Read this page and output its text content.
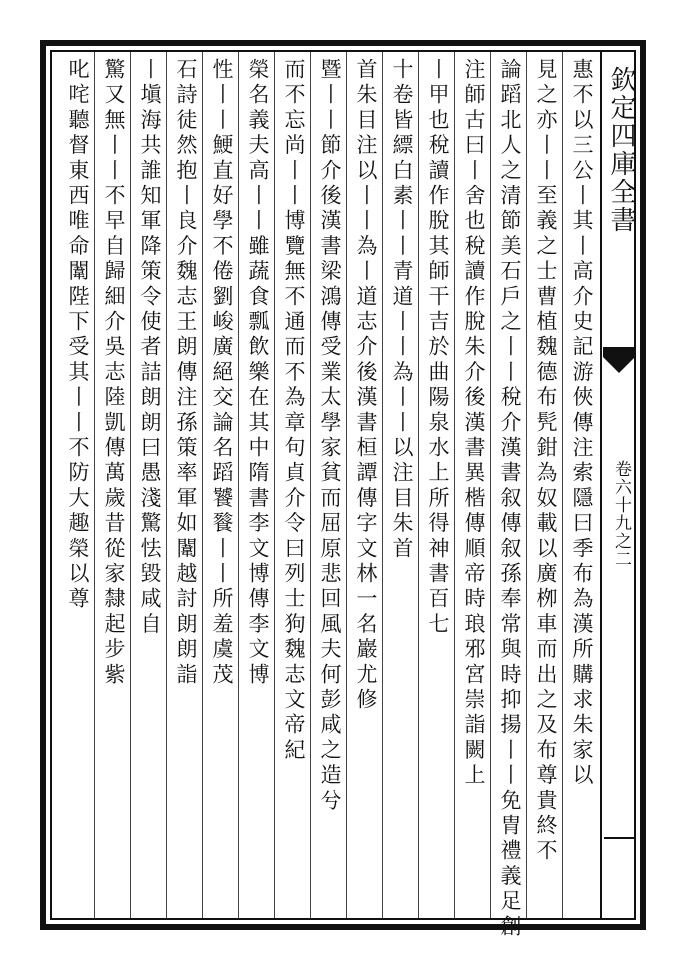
欽定四庫全書
卷六十九之二
惠不以三公丨其丨高介史記游俠傳注索隱曰季布為漢所購求朱家以
見之亦丨丨至義之士曹植魏德布髠鉗為奴載以廣栁車而出之及布尊貴終不
論蹈北人之清節美石戶之丨丨稅介漢書叙傳叙孫奉常與時抑揚丨丨免胄禮義足創
注師古曰丨舍也稅讀作脫朱介後漢書異楷傳順帝時琅邪宮崇詣闕上
丨甲也稅讀作脫其師干吉於曲陽泉水上所得神書百七
十卷皆縹白素丨丨青道丨丨為丨丨以注目朱首
首朱目注以丨丨為丨道志介後漢書桓譚傳字文林一名巖尤修
暨丨丨節介後漢書梁鴻傳受業太學家貧而屈原悲回風夫何彭咸之造兮
而不忘尚丨丨博覽無不通而不為章句貞介令曰列士狗魏志文帝紀
榮名義夫高丨丨雖蔬食瓢飲樂在其中隋書李文博傳李文博
性丨丨鯁直好學不倦劉峻廣絕交論名蹈饕餮丨丨所羞虞茂
石詩徒然抱丨良介魏志王朗傳注孫策率軍如闈越討朗朗詣
丨塡海共誰知軍降策令使者詰朗朗曰愚淺驚怯毀咸自
驚又無丨丨不早自歸細介吳志陸凱傳萬歲昔從家隸起步紫
叱咤聽督東西唯命闈陛下受其丨丨不防大趣榮以尊
